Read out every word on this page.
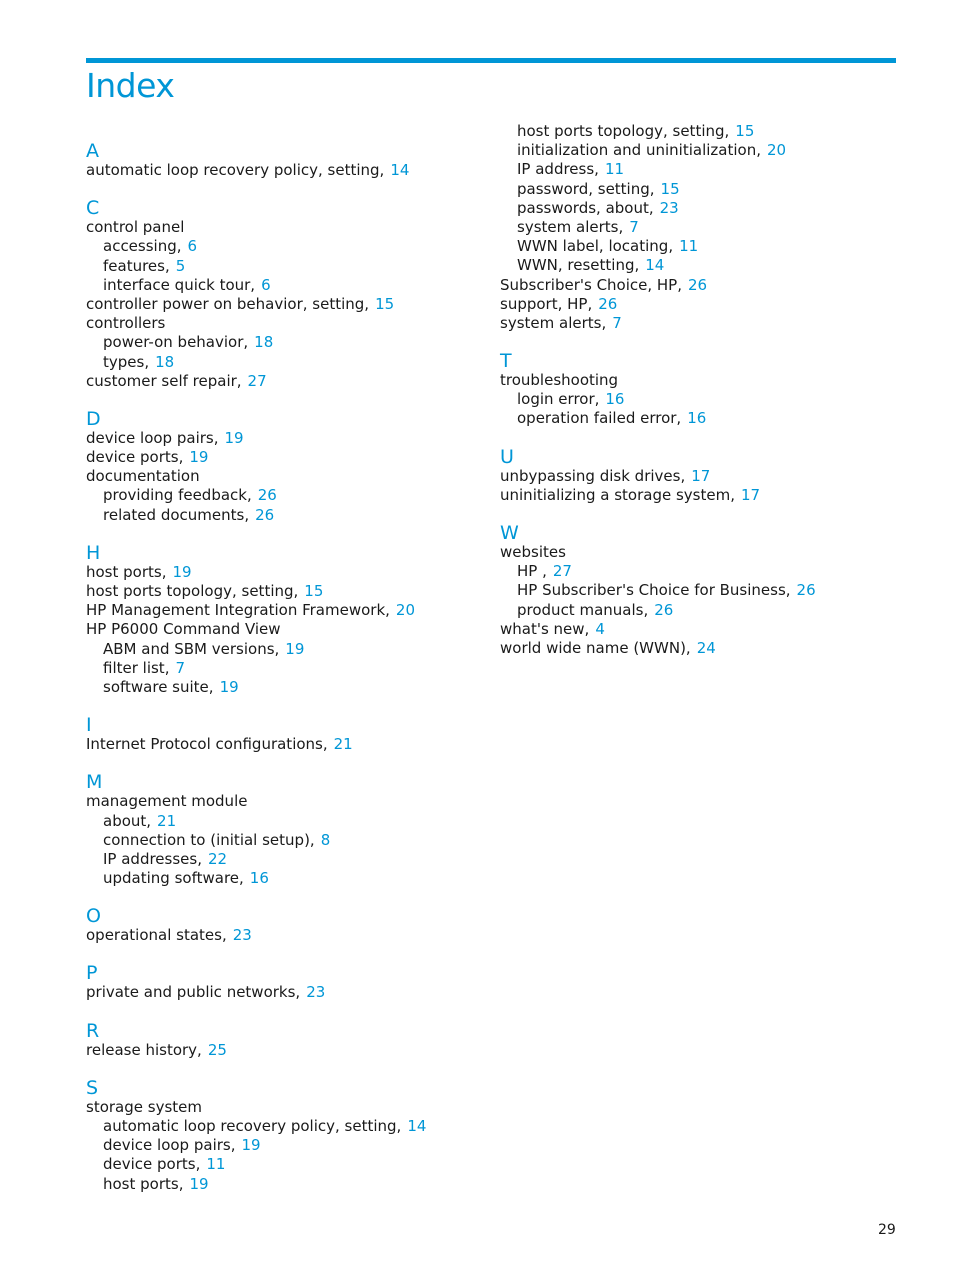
Index
A
automatic loop recovery policy, setting, 14
C
control panel
accessing, 6
features, 5
interface quick tour, 6
controller power on behavior, setting, 15
controllers
power-on behavior, 18
types, 18
customer self repair, 27
D
device loop pairs, 19
device ports, 19
documentation
providing feedback, 26
related documents, 26
H
host ports, 19
host ports topology, setting, 15
HP Management Integration Framework, 20
HP P6000 Command View
ABM and SBM versions, 19
filter list, 7
software suite, 19
I
Internet Protocol configurations, 21
M
management module
about, 21
connection to (initial setup), 8
IP addresses, 22
updating software, 16
O
operational states, 23
P
private and public networks, 23
R
release history, 25
S
storage system
automatic loop recovery policy, setting, 14
device loop pairs, 19
device ports, 11
host ports, 19
host ports topology, setting, 15
initialization and uninitialization, 20
IP address, 11
password, setting, 15
passwords, about, 23
system alerts, 7
WWN label, locating, 11
WWN, resetting, 14
Subscriber's Choice, HP, 26
support, HP, 26
system alerts, 7
T
troubleshooting
login error, 16
operation failed error, 16
U
unbypassing disk drives, 17
uninitializing a storage system, 17
W
websites
HP , 27
HP Subscriber's Choice for Business, 26
product manuals, 26
what's new, 4
world wide name (WWN), 24
29
